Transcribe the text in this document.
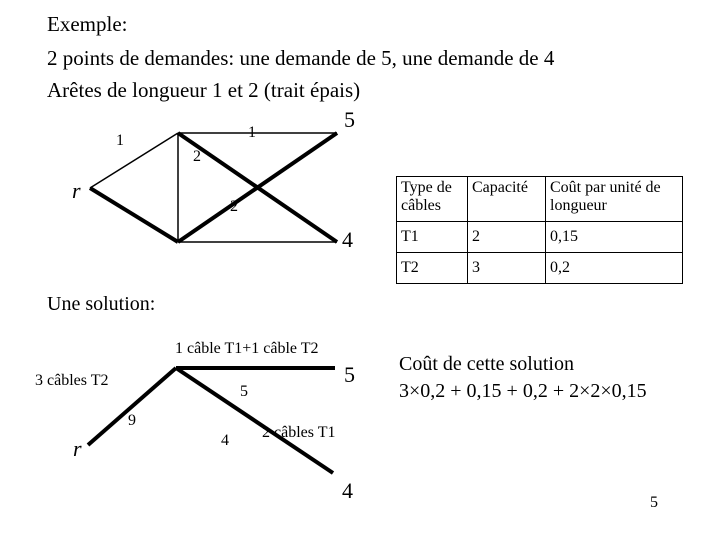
Exemple:
2 points de demandes: une demande de 5, une demande de 4
Arêtes de longueur 1 et 2 (trait épais)
r
1	1
2
2
5
4
Type de câbles	Capacité	Coût par unité de longueur
T1	2	0,15
T2	3	0,2
Une solution:
1 câble T1+1 câble T2
3 câbles T2	5
5
9
4 2 câbles T1
r
4
Coût de cette solution
3×0,2 + 0,15 + 0,2 + 2×2×0,15
5
